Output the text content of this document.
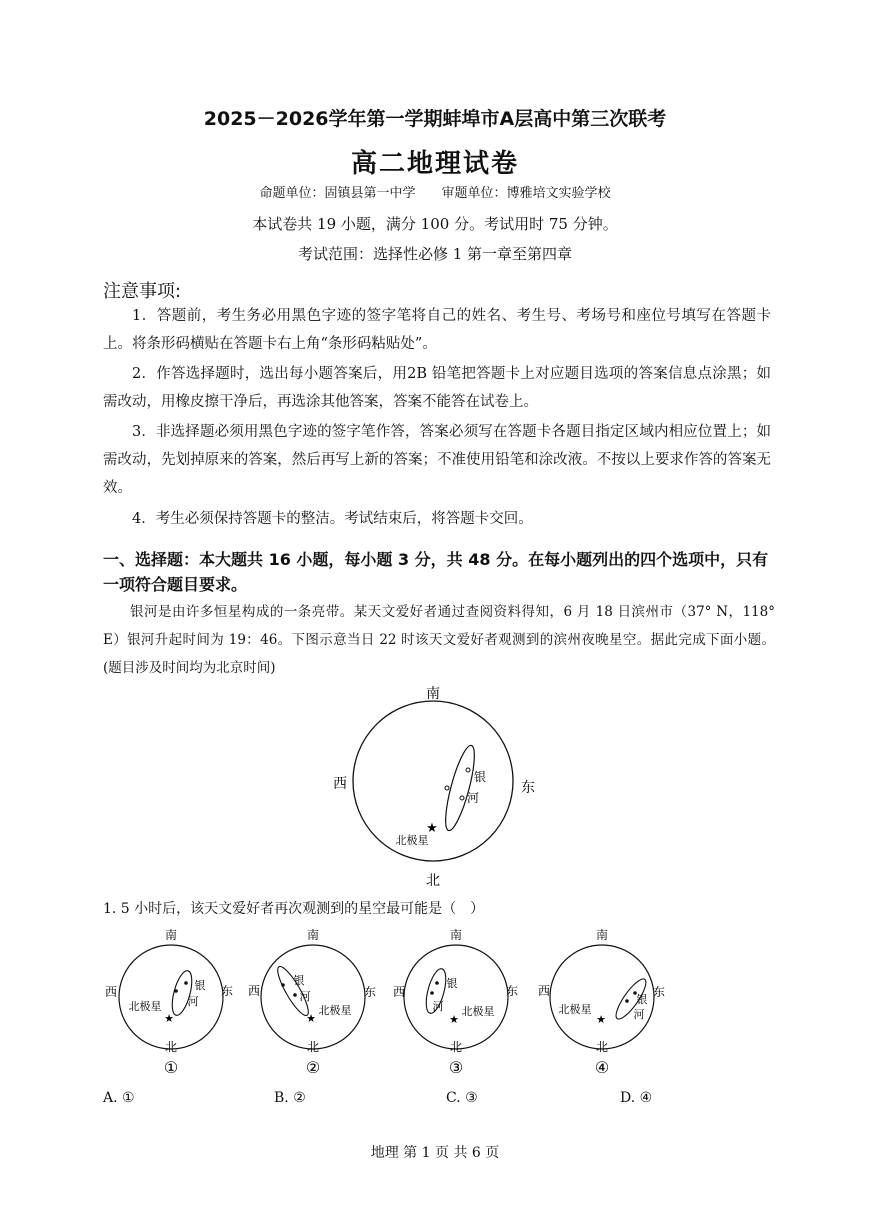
2025－2026学年第一学期蚌埠市A层高中第三次联考
高二地理试卷
命题单位：固镇县第一中学　　审题单位：博雅培文实验学校
本试卷共 19 小题，满分 100 分。考试用时 75 分钟。
考试范围：选择性必修 1 第一章至第四章
注意事项:
1．答题前，考生务必用黑色字迹的签字笔将自己的姓名、考生号、考场号和座位号填写在答题卡上。将条形码横贴在答题卡右上角“条形码粘贴处”。
2．作答选择题时，选出每小题答案后，用2B 铅笔把答题卡上对应题目选项的答案信息点涂黑；如需改动，用橡皮擦干净后，再选涂其他答案，答案不能答在试卷上。
3．非选择题必须用黑色字迹的签字笔作答，答案必须写在答题卡各题目指定区域内相应位置上；如需改动，先划掉原来的答案，然后再写上新的答案；不准使用铅笔和涂改液。不按以上要求作答的答案无效。
4．考生必须保持答题卡的整洁。考试结束后，将答题卡交回。
一、选择题：本大题共 16 小题，每小题 3 分，共 48 分。在每小题列出的四个选项中，只有一项符合题目要求。
银河是由许多恒星构成的一条亮带。某天文爱好者通过查阅资料得知，6 月 18 日滨州市（37° N，118° E）银河升起时间为 19：46。下图示意当日 22 时该天文爱好者观测到的滨州夜晚星空。据此完成下面小题。(题目涉及时间均为北京时间)
南
西	东
银
河
★
北极星
北
1. 5 小时后，该天文爱好者再次观测到的星空最可能是（　）
南
西	东
银
河
北极星
★
北
①
南
西	东
银
河
★
北极星
北
②
南
西	东
银
河 北极星
★
北
③
南
西	东
银
河
北极星
★
北
④
A. ①	B. ②	C. ③	D. ④
地理 第 1 页 共 6 页
